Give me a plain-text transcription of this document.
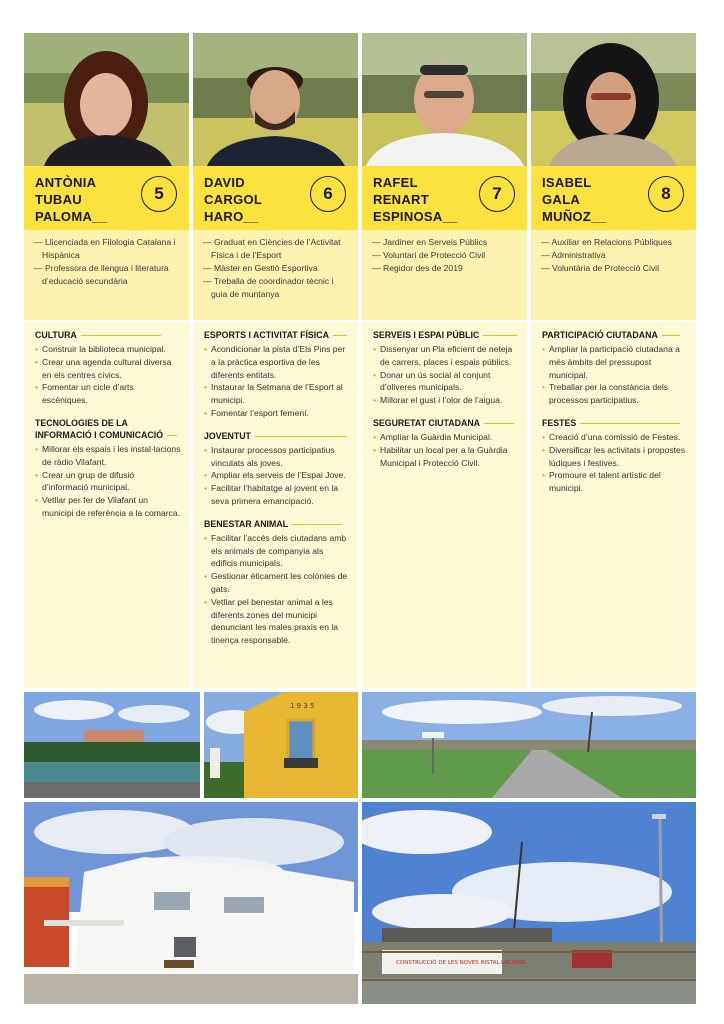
ANTÒNIA
TUBAU
PALOMA__
5
— Llicenciada en Filologia Catalana i Hispànica
— Professora de llengua i literatura d’educació secundària
CULTURA
• Construir la biblioteca municipal.
• Crear una agenda cultural diversa en els centres cívics.
• Fomentar un cicle d’arts escèniques.
TECNOLOGIES DE LA INFORMACIÓ I COMUNICACIÓ
• Millorar els espais i les instal·lacions de ràdio Vilafant.
• Crear un grup de difusió d’informació municipal.
• Vetllar per fer de Vilafant un municipi de referència a la comarca.
DAVID
CARGOL
HARO__
6
— Graduat en Ciències de l’Activitat Física i de l’Esport
— Màster en Gestió Esportiva
— Treballa de coordinador tècnic i guia de muntanya
ESPORTS I ACTIVITAT FÍSICA
• Acondicionar la pista d’Els Pins per a la pràctica esportiva de les diferents entitats.
• Instaurar la Setmana de l’Esport al municipi.
• Fomentar l’esport femení.
JOVENTUT
• Instaurar processos participatius vinculats als joves.
• Ampliar els serveis de l’Espai Jove.
• Facilitar l’habitatge al jovent en la seva primera emancipació.
BENESTAR ANIMAL
• Facilitar l’accés dels ciutadans amb els animals de companyia als edificis municipals.
• Gestionar èticament les colònies de gats.
• Vetllar pel benestar animal a les diferents zones del municipi denunciant les males praxis en la tinença responsable.
RAFEL
RENART
ESPINOSA__
7
— Jardiner en Serveis Públics
— Voluntari de Protecció Civil
— Regidor des de 2019
SERVEIS I ESPAI PÚBLIC
• Dissenyar un Pla eficient de neteja de carrers, places i espais públics.
• Donar un ús social al conjunt d’oliveres municipals.
• Millorar el gust i l’olor de l’aigua.
SEGURETAT CIUTADANA
• Ampliar la Guàrdia Municipal.
• Habilitar un local per a la Guàrdia Municipal i Protecció Civil.
ISABEL
GALA
MUÑOZ__
8
— Auxiliar en Relacions Públiques
— Administrativa
— Voluntària de Protecció Civil
PARTICIPACIÓ CIUTADANA
• Ampliar la participació ciutadana a més àmbits del pressupost municipal.
• Treballar per la constància dels processos participatius.
FESTES
• Creació d’una comissió de Festes.
• Diversificar les activitats i propostes lúdiques i festives.
• Promoure el talent artístic del municipi.
1 9 3 5
CONSTRUCCIÓ DE LES NOVES INSTAL·LACIONS
